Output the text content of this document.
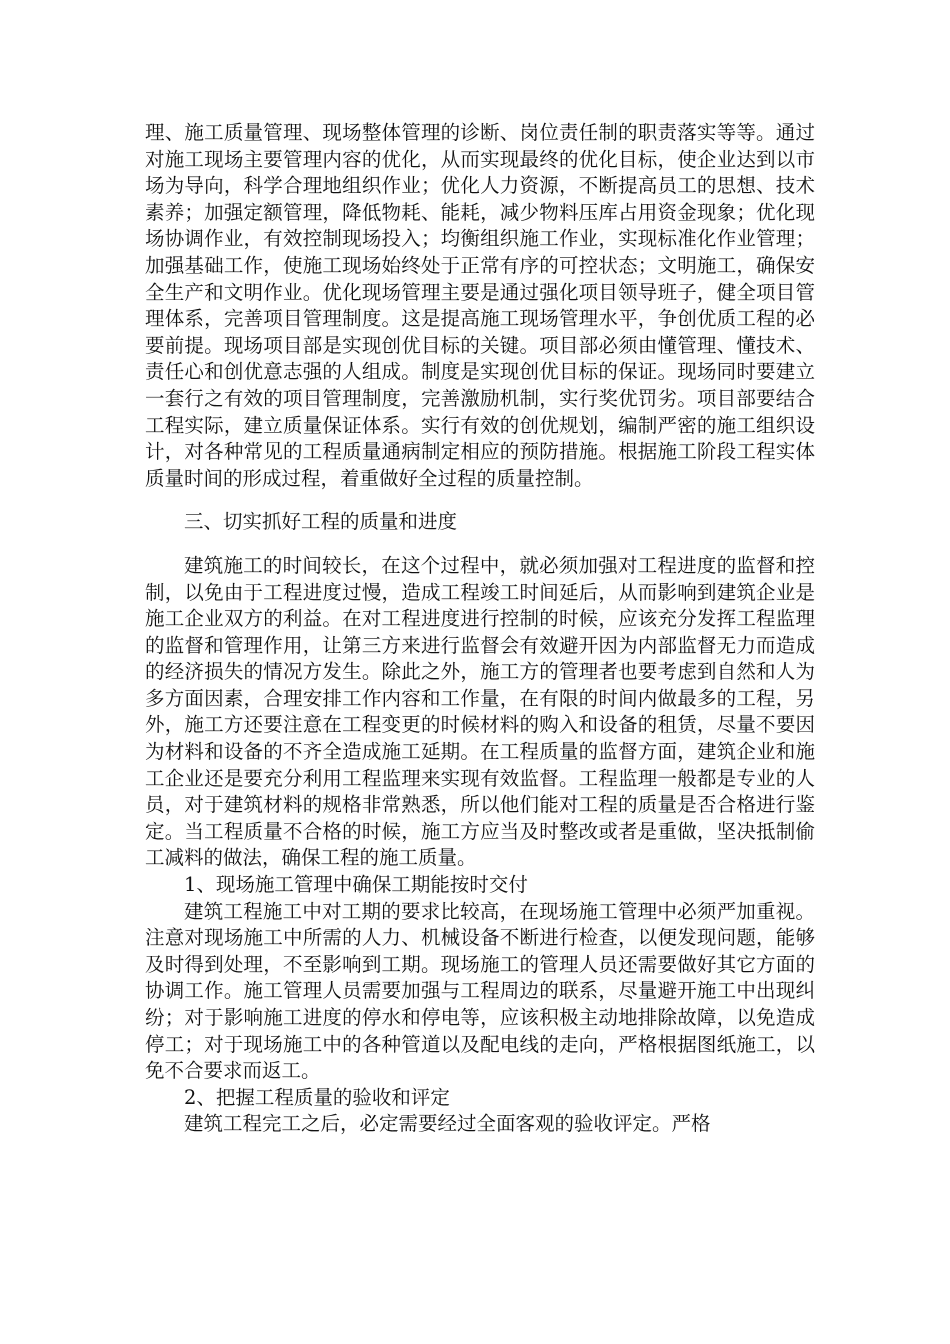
理、施工质量管理、现场整体管理的诊断、岗位责任制的职责落实等等。通过对施工现场主要管理内容的优化，从而实现最终的优化目标，使企业达到以市场为导向，科学合理地组织作业；优化人力资源，不断提高员工的思想、技术素养；加强定额管理，降低物耗、能耗，减少物料压库占用资金现象；优化现场协调作业，有效控制现场投入；均衡组织施工作业，实现标准化作业管理；加强基础工作，使施工现场始终处于正常有序的可控状态；文明施工，确保安全生产和文明作业。优化现场管理主要是通过强化项目领导班子，健全项目管理体系，完善项目管理制度。这是提高施工现场管理水平，争创优质工程的必要前提。现场项目部是实现创优目标的关键。项目部必须由懂管理、懂技术、责任心和创优意志强的人组成。制度是实现创优目标的保证。现场同时要建立一套行之有效的项目管理制度，完善激励机制，实行奖优罚劣。项目部要结合工程实际，建立质量保证体系。实行有效的创优规划，编制严密的施工组织设计，对各种常见的工程质量通病制定相应的预防措施。根据施工阶段工程实体质量时间的形成过程，着重做好全过程的质量控制。

三、切实抓好工程的质量和进度

建筑施工的时间较长，在这个过程中，就必须加强对工程进度的监督和控制，以免由于工程进度过慢，造成工程竣工时间延后，从而影响到建筑企业是施工企业双方的利益。在对工程进度进行控制的时候，应该充分发挥工程监理的监督和管理作用，让第三方来进行监督会有效避开因为内部监督无力而造成的经济损失的情况方发生。除此之外，施工方的管理者也要考虑到自然和人为多方面因素，合理安排工作内容和工作量，在有限的时间内做最多的工程，另外，施工方还要注意在工程变更的时候材料的购入和设备的租赁，尽量不要因为材料和设备的不齐全造成施工延期。在工程质量的监督方面，建筑企业和施工企业还是要充分利用工程监理来实现有效监督。工程监理一般都是专业的人员，对于建筑材料的规格非常熟悉，所以他们能对工程的质量是否合格进行鉴定。当工程质量不合格的时候，施工方应当及时整改或者是重做，坚决抵制偷工减料的做法，确保工程的施工质量。

1、现场施工管理中确保工期能按时交付

建筑工程施工中对工期的要求比较高，在现场施工管理中必须严加重视。注意对现场施工中所需的人力、机械设备不断进行检查，以便发现问题，能够及时得到处理，不至影响到工期。现场施工的管理人员还需要做好其它方面的协调工作。施工管理人员需要加强与工程周边的联系，尽量避开施工中出现纠纷；对于影响施工进度的停水和停电等，应该积极主动地排除故障，以免造成停工；对于现场施工中的各种管道以及配电线的走向，严格根据图纸施工，以免不合要求而返工。

2、把握工程质量的验收和评定

建筑工程完工之后，必定需要经过全面客观的验收评定。严格
